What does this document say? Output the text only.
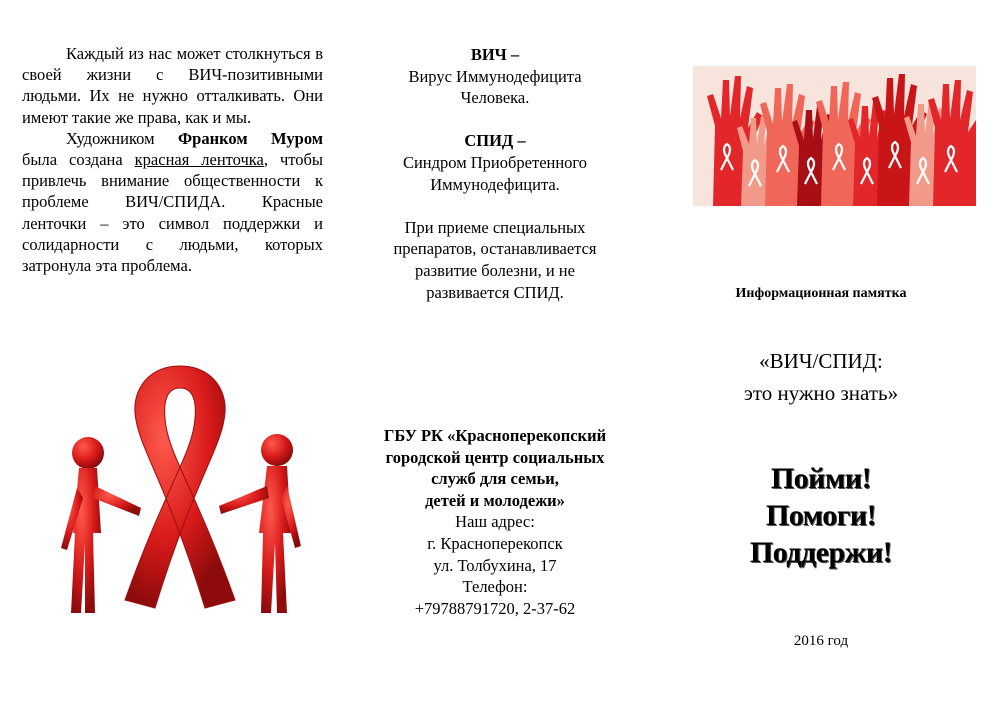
Каждый из нас может столкнуться в своей жизни с ВИЧ-позитивными людьми. Их не нужно отталкивать. Они имеют такие же права, как и мы.

Художником Франком Муром была создана красная ленточка, чтобы привлечь внимание общественности к проблеме ВИЧ/СПИДА. Красные ленточки – это символ поддержки и солидарности с людьми, которых затронула эта проблема.

ВИЧ –
Вирус Иммунодефицита
Человека.
СПИД –
Синдром Приобретенного
Иммунодефицита.
При приеме специальных
препаратов, останавливается
развитие болезни, и не
развивается СПИД.
ГБУ РК «Красноперекопский
городской центр социальных
служб для семьи,
детей и молодежи»
Наш адрес:
г. Красноперекопск
ул. Толбухина, 17
Телефон:
+79788791720, 2-37-62
Информационная памятка
«ВИЧ/СПИД:
это нужно знать»
Пойми!
Помоги!
Поддержи!
2016 год
